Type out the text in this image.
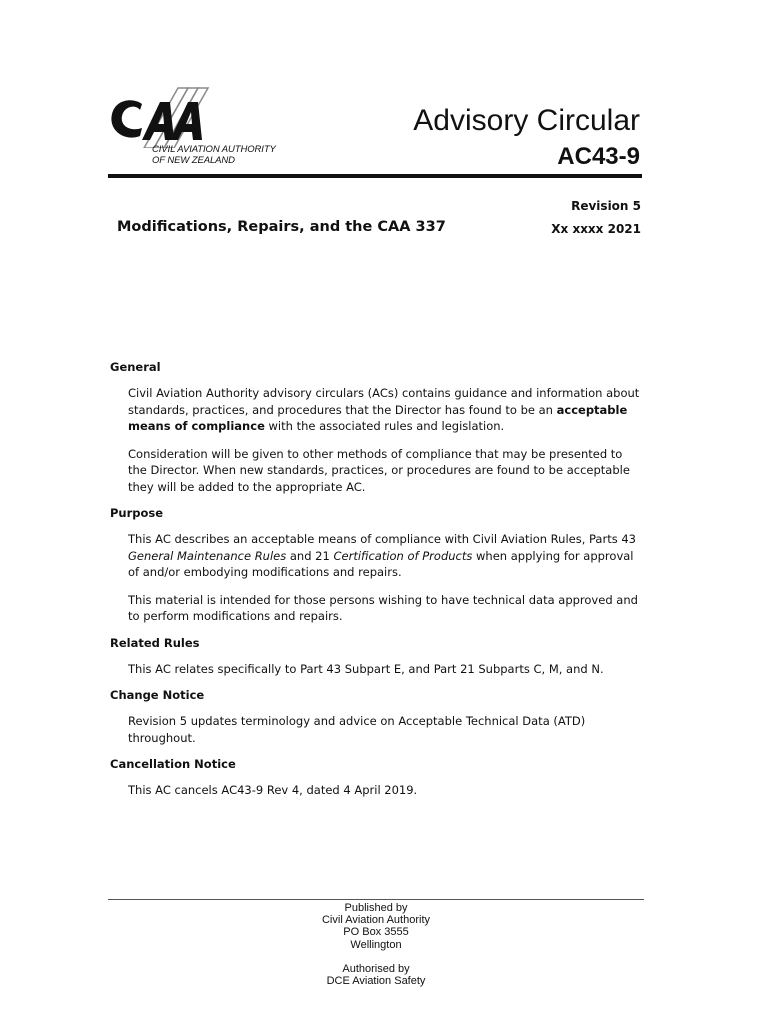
CIVIL AVIATION AUTHORITY
OF NEW ZEALAND
Advisory Circular
AC43-9
Revision 5
Modifications, Repairs, and the CAA 337	Xx xxxx 2021
General

Civil Aviation Authority advisory circulars (ACs) contains guidance and information about standards, practices, and procedures that the Director has found to be an acceptable means of compliance with the associated rules and legislation.

Consideration will be given to other methods of compliance that may be presented to the Director. When new standards, practices, or procedures are found to be acceptable they will be added to the appropriate AC.

Purpose

This AC describes an acceptable means of compliance with Civil Aviation Rules, Parts 43 General Maintenance Rules and 21 Certification of Products when applying for approval of and/or embodying modifications and repairs.

This material is intended for those persons wishing to have technical data approved and to perform modifications and repairs.

Related Rules

This AC relates specifically to Part 43 Subpart E, and Part 21 Subparts C, M, and N.

Change Notice

Revision 5 updates terminology and advice on Acceptable Technical Data (ATD) throughout.

Cancellation Notice

This AC cancels AC43-9 Rev 4, dated 4 April 2019.

Published by
Civil Aviation Authority
PO Box 3555
Wellington
Authorised by
DCE Aviation Safety
